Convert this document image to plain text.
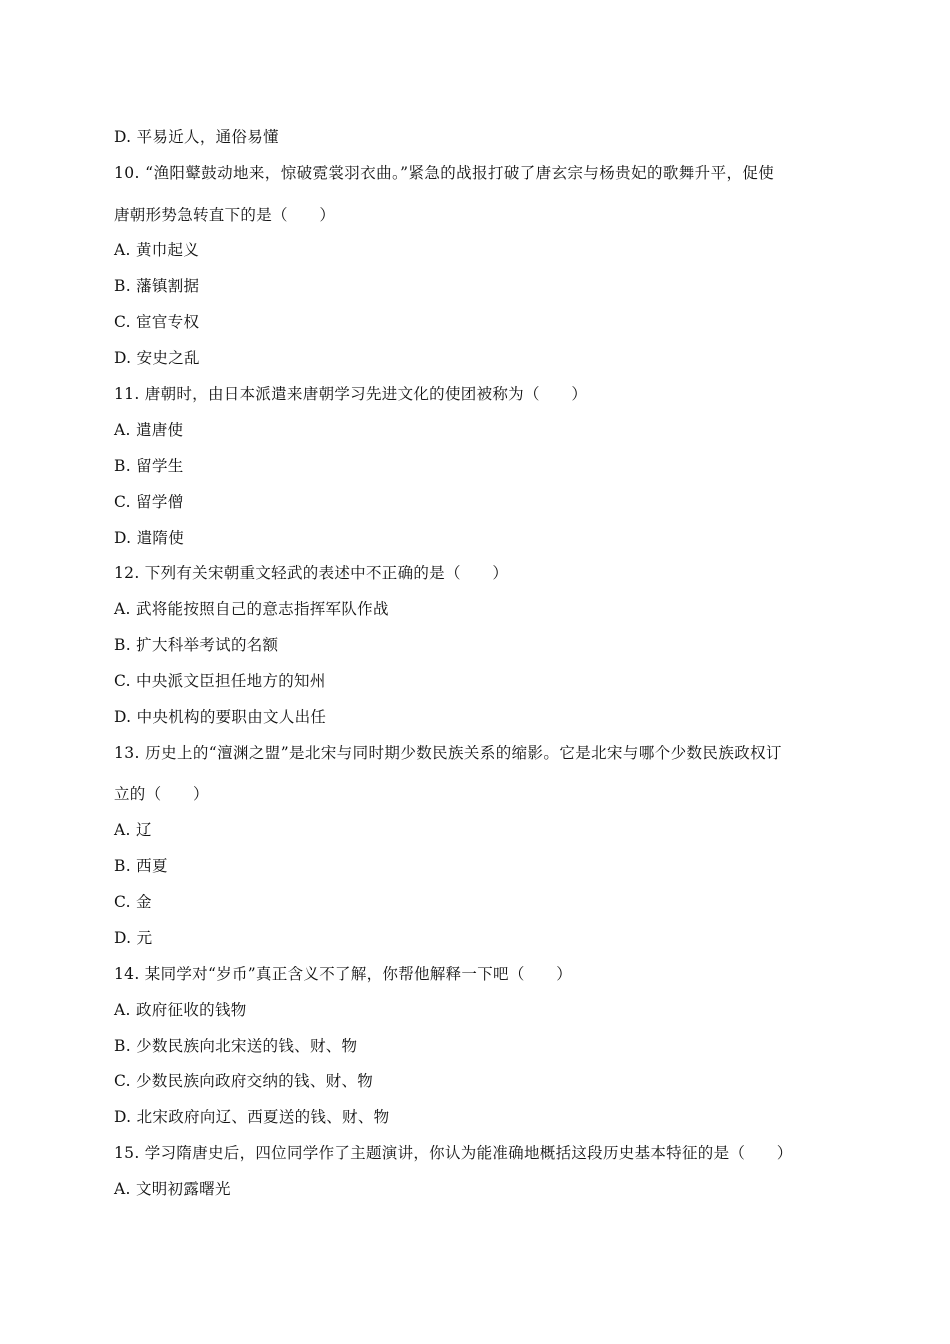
D. 平易近人，通俗易懂
10. “渔阳鼙鼓动地来，惊破霓裳羽衣曲。”紧急的战报打破了唐玄宗与杨贵妃的歌舞升平，促使
唐朝形势急转直下的是（　　）
A. 黄巾起义
B. 藩镇割据
C. 宦官专权
D. 安史之乱
11. 唐朝时，由日本派遣来唐朝学习先进文化的使团被称为（　　）
A. 遣唐使
B. 留学生
C. 留学僧
D. 遣隋使
12. 下列有关宋朝重文轻武的表述中不正确的是（　　）
A. 武将能按照自己的意志指挥军队作战
B. 扩大科举考试的名额
C. 中央派文臣担任地方的知州
D. 中央机构的要职由文人出任
13. 历史上的“澶渊之盟”是北宋与同时期少数民族关系的缩影。它是北宋与哪个少数民族政权订
立的（　　）
A. 辽
B. 西夏
C. 金
D. 元
14. 某同学对“岁币”真正含义不了解，你帮他解释一下吧（　　）
A. 政府征收的钱物
B. 少数民族向北宋送的钱、财、物
C. 少数民族向政府交纳的钱、财、物
D. 北宋政府向辽、西夏送的钱、财、物
15. 学习隋唐史后，四位同学作了主题演讲，你认为能准确地概括这段历史基本特征的是（　　）
A. 文明初露曙光
